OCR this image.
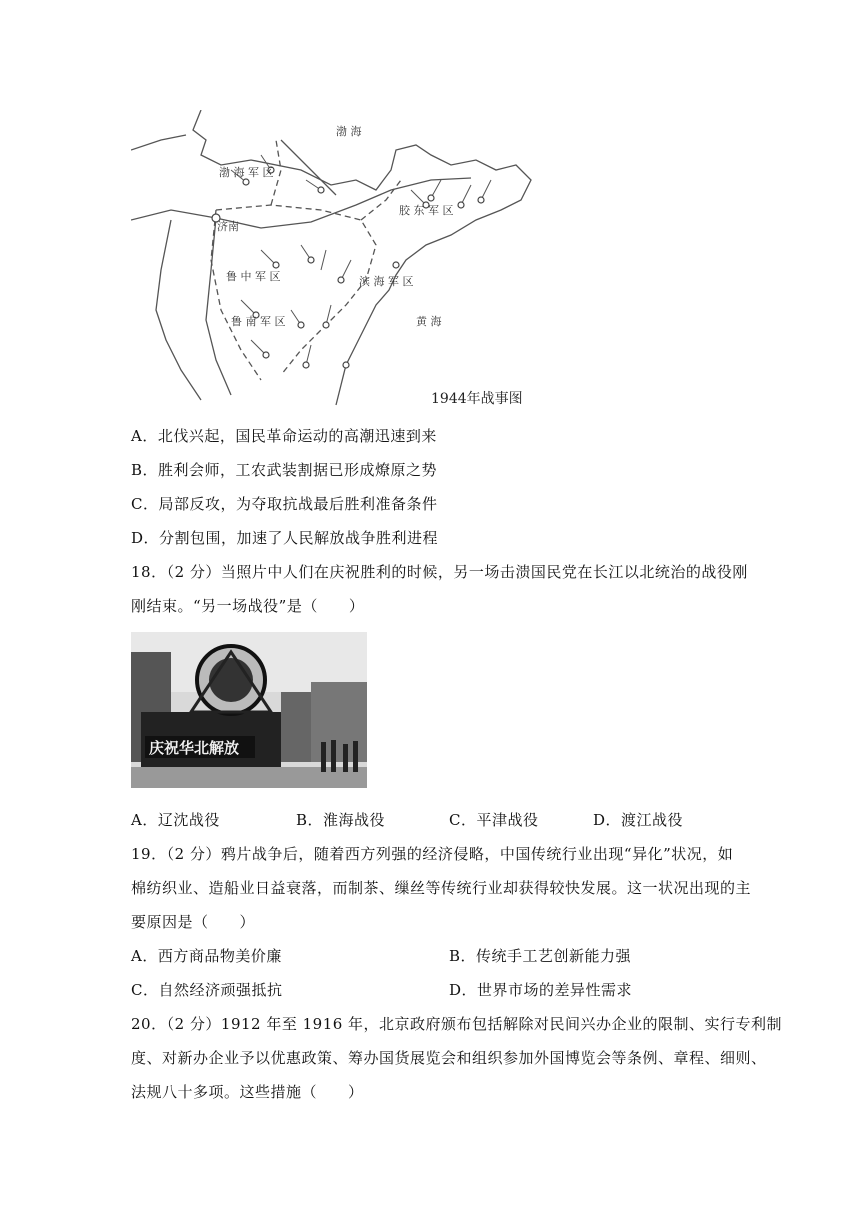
渤 海
黄 海
济南
渤 海 军 区
胶 东 军 区
鲁 中 军 区	滨 海 军 区
鲁 南 军 区
1944年战事图
A．北伐兴起，国民革命运动的高潮迅速到来
B．胜利会师，工农武装割据已形成燎原之势
C．局部反攻，为夺取抗战最后胜利准备条件
D．分割包围，加速了人民解放战争胜利进程
18．（2 分）当照片中人们在庆祝胜利的时候，另一场击溃国民党在长江以北统治的战役刚
刚结束。“另一场战役”是（　　）
庆祝华北解放
A．辽沈战役	B．淮海战役	C．平津战役	D．渡江战役
19．（2 分）鸦片战争后，随着西方列强的经济侵略，中国传统行业出现“异化”状况，如
棉纺织业、造船业日益衰落，而制茶、缫丝等传统行业却获得较快发展。这一状况出现的主
要原因是（　　）
A．西方商品物美价廉	B．传统手工艺创新能力强
C．自然经济顽强抵抗	D．世界市场的差异性需求
20．（2 分）1912 年至 1916 年，北京政府颁布包括解除对民间兴办企业的限制、实行专利制
度、对新办企业予以优惠政策、筹办国货展览会和组织参加外国博览会等条例、章程、细则、
法规八十多项。这些措施（　　）
